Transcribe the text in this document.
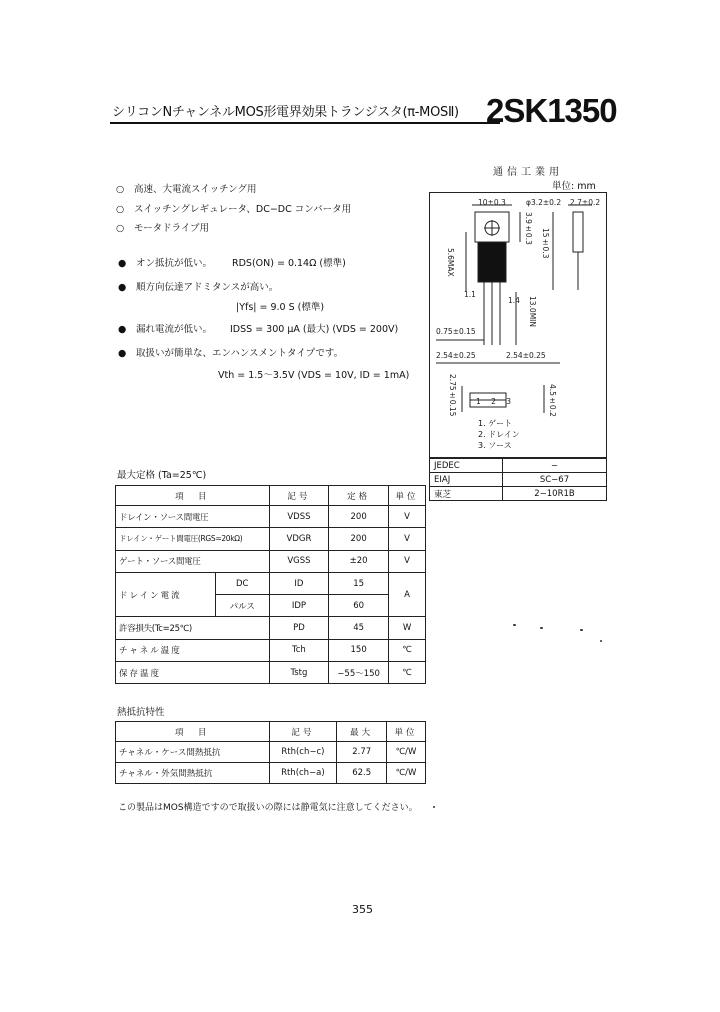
シリコンNチャンネルMOS形電界効果トランジスタ(π-MOSⅡ) 2SK1350
○ 高速、大電流スイッチング用
○ スイッチングレギュレータ、DC−DC コンバータ用
○ モータドライブ用
● オン抵抗が低い。 RDS(ON) = 0.14Ω (標準)
● 順方向伝達アドミタンスが高い。
|Yfs| = 9.0 S (標準)
● 漏れ電流が低い。 IDSS = 300 μA (最大) (VDS = 200V)
● 取扱いが簡単な、エンハンスメントタイプです。
Vth = 1.5〜3.5V (VDS = 10V, ID = 1mA)
通信工業用
単位: mm
10±0.3	φ3.2±0.2 2.7±0.2
5.6MAX
3.9±0.3 15±0.3
13.0MIN
1.1
1.4
0.75±0.15
2.54±0.25	2.54±0.25
2.75±0.15	4.5±0.2
1 2 3
1. ゲート
2. ドレイン
3. ソース
JEDEC	−
EIAJ	SC−67
東芝	2−10R1B
最大定格 (Ta=25℃)
項　目		記号	定格	単位
ドレイン・ソース間電圧		VDSS	200	V
ドレイン・ゲート間電圧(RGS=20kΩ)		VDGR	200	V
ゲート・ソース間電圧		VGSS	±20	V
ドレイン電流	DC	ID	15	A
	パルス	IDP	60	
許容損失(Tc=25℃)		PD	45	W
チャネル温度		Tch	150	℃
保存温度		Tstg	−55〜150	℃
熱抵抗特性
項　目	記号	最大	単位
チャネル・ケース間熱抵抗	Rth(ch−c)	2.77	℃/W
チャネル・外気間熱抵抗	Rth(ch−a)	62.5	℃/W
この製品はMOS構造ですので取扱いの際には静電気に注意してください。
355
